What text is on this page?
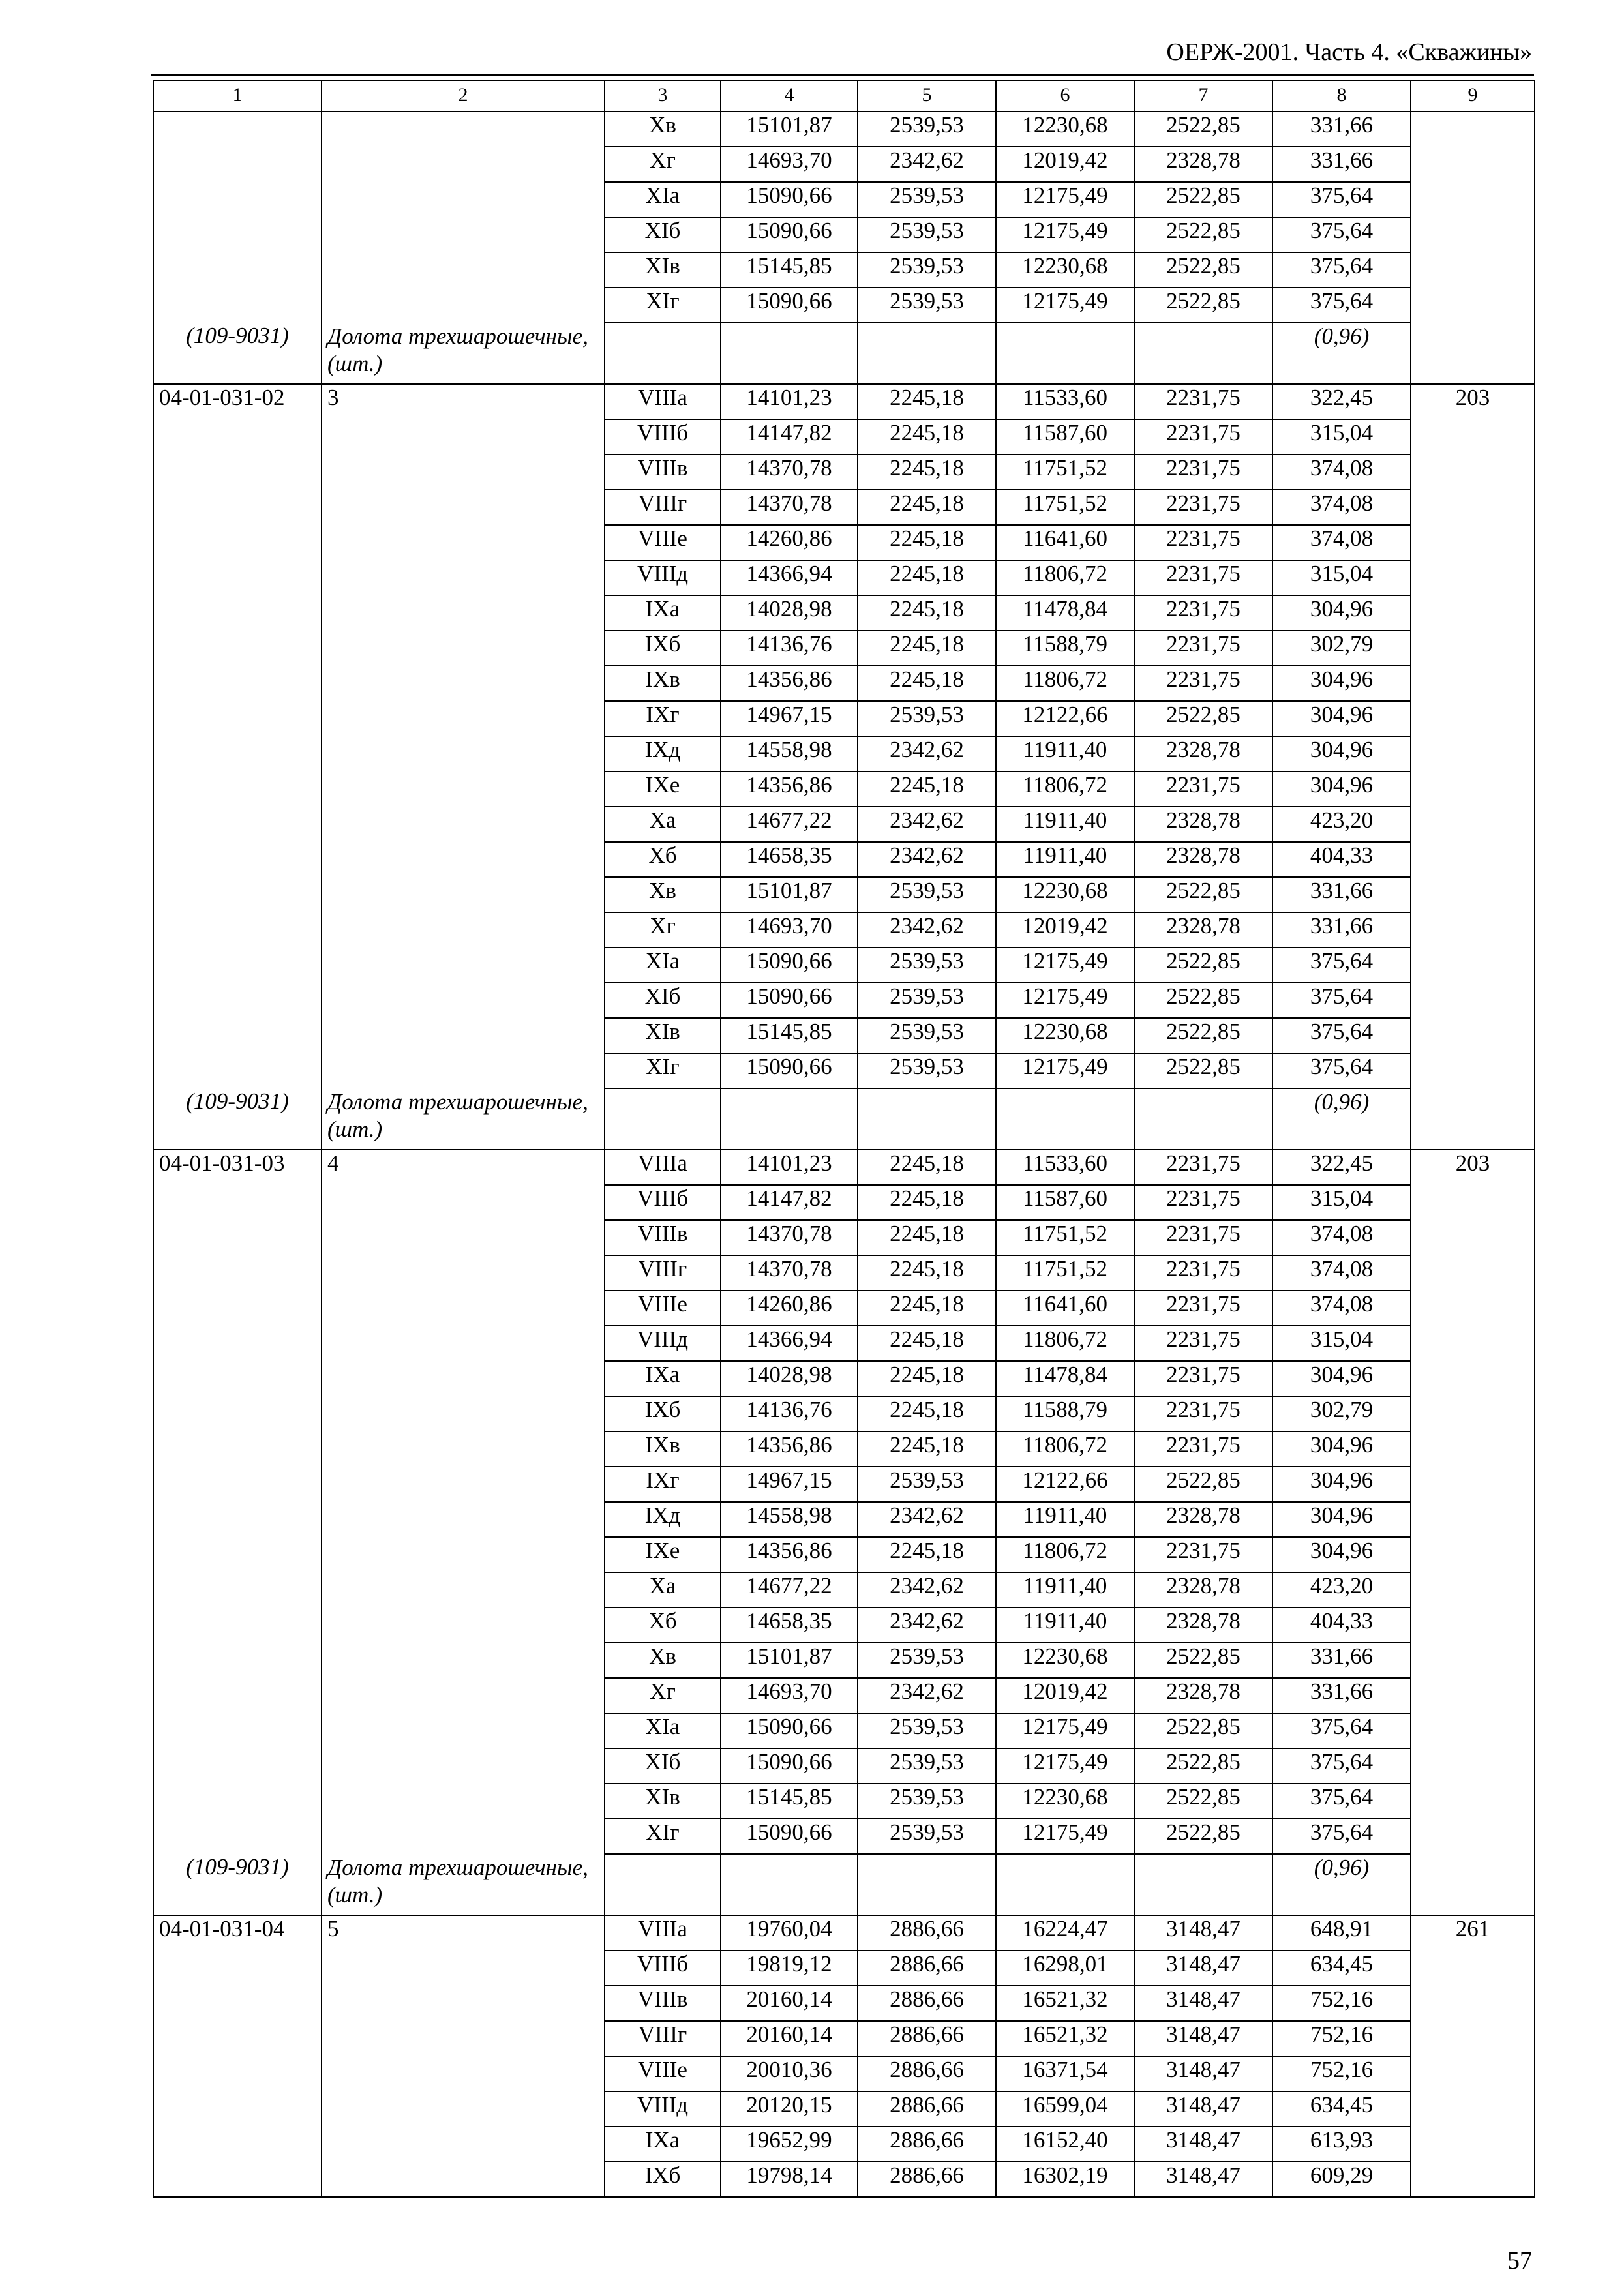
ОЕРЖ-2001. Часть 4. «Скважины»
1	2	3	4	5	6	7	8	9
		Xв	15101,87	2539,53	12230,68	2522,85	331,66	
		Xг	14693,70	2342,62	12019,42	2328,78	331,66	
		XIа	15090,66	2539,53	12175,49	2522,85	375,64	
		XIб	15090,66	2539,53	12175,49	2522,85	375,64	
		XIв	15145,85	2539,53	12230,68	2522,85	375,64	
		XIг	15090,66	2539,53	12175,49	2522,85	375,64	
(109-9031)	Долота трехшарошечные, (шт.)						(0,96)	
04-01-031-02	3	VIIIа	14101,23	2245,18	11533,60	2231,75	322,45	203
		VIIIб	14147,82	2245,18	11587,60	2231,75	315,04	
		VIIIв	14370,78	2245,18	11751,52	2231,75	374,08	
		VIIIг	14370,78	2245,18	11751,52	2231,75	374,08	
		VIIIе	14260,86	2245,18	11641,60	2231,75	374,08	
		VIIIд	14366,94	2245,18	11806,72	2231,75	315,04	
		IXа	14028,98	2245,18	11478,84	2231,75	304,96	
		IXб	14136,76	2245,18	11588,79	2231,75	302,79	
		IXв	14356,86	2245,18	11806,72	2231,75	304,96	
		IXг	14967,15	2539,53	12122,66	2522,85	304,96	
		IXд	14558,98	2342,62	11911,40	2328,78	304,96	
		IXе	14356,86	2245,18	11806,72	2231,75	304,96	
		Xа	14677,22	2342,62	11911,40	2328,78	423,20	
		Xб	14658,35	2342,62	11911,40	2328,78	404,33	
		Xв	15101,87	2539,53	12230,68	2522,85	331,66	
		Xг	14693,70	2342,62	12019,42	2328,78	331,66	
		XIа	15090,66	2539,53	12175,49	2522,85	375,64	
		XIб	15090,66	2539,53	12175,49	2522,85	375,64	
		XIв	15145,85	2539,53	12230,68	2522,85	375,64	
		XIг	15090,66	2539,53	12175,49	2522,85	375,64	
(109-9031)	Долота трехшарошечные, (шт.)						(0,96)	
04-01-031-03	4	VIIIа	14101,23	2245,18	11533,60	2231,75	322,45	203
		VIIIб	14147,82	2245,18	11587,60	2231,75	315,04	
		VIIIв	14370,78	2245,18	11751,52	2231,75	374,08	
		VIIIг	14370,78	2245,18	11751,52	2231,75	374,08	
		VIIIе	14260,86	2245,18	11641,60	2231,75	374,08	
		VIIIд	14366,94	2245,18	11806,72	2231,75	315,04	
		IXа	14028,98	2245,18	11478,84	2231,75	304,96	
		IXб	14136,76	2245,18	11588,79	2231,75	302,79	
		IXв	14356,86	2245,18	11806,72	2231,75	304,96	
		IXг	14967,15	2539,53	12122,66	2522,85	304,96	
		IXд	14558,98	2342,62	11911,40	2328,78	304,96	
		IXе	14356,86	2245,18	11806,72	2231,75	304,96	
		Xа	14677,22	2342,62	11911,40	2328,78	423,20	
		Xб	14658,35	2342,62	11911,40	2328,78	404,33	
		Xв	15101,87	2539,53	12230,68	2522,85	331,66	
		Xг	14693,70	2342,62	12019,42	2328,78	331,66	
		XIа	15090,66	2539,53	12175,49	2522,85	375,64	
		XIб	15090,66	2539,53	12175,49	2522,85	375,64	
		XIв	15145,85	2539,53	12230,68	2522,85	375,64	
		XIг	15090,66	2539,53	12175,49	2522,85	375,64	
(109-9031)	Долота трехшарошечные, (шт.)						(0,96)	
04-01-031-04	5	VIIIа	19760,04	2886,66	16224,47	3148,47	648,91	261
		VIIIб	19819,12	2886,66	16298,01	3148,47	634,45	
		VIIIв	20160,14	2886,66	16521,32	3148,47	752,16	
		VIIIг	20160,14	2886,66	16521,32	3148,47	752,16	
		VIIIе	20010,36	2886,66	16371,54	3148,47	752,16	
		VIIIд	20120,15	2886,66	16599,04	3148,47	634,45	
		IXа	19652,99	2886,66	16152,40	3148,47	613,93	
		IXб	19798,14	2886,66	16302,19	3148,47	609,29	
57
